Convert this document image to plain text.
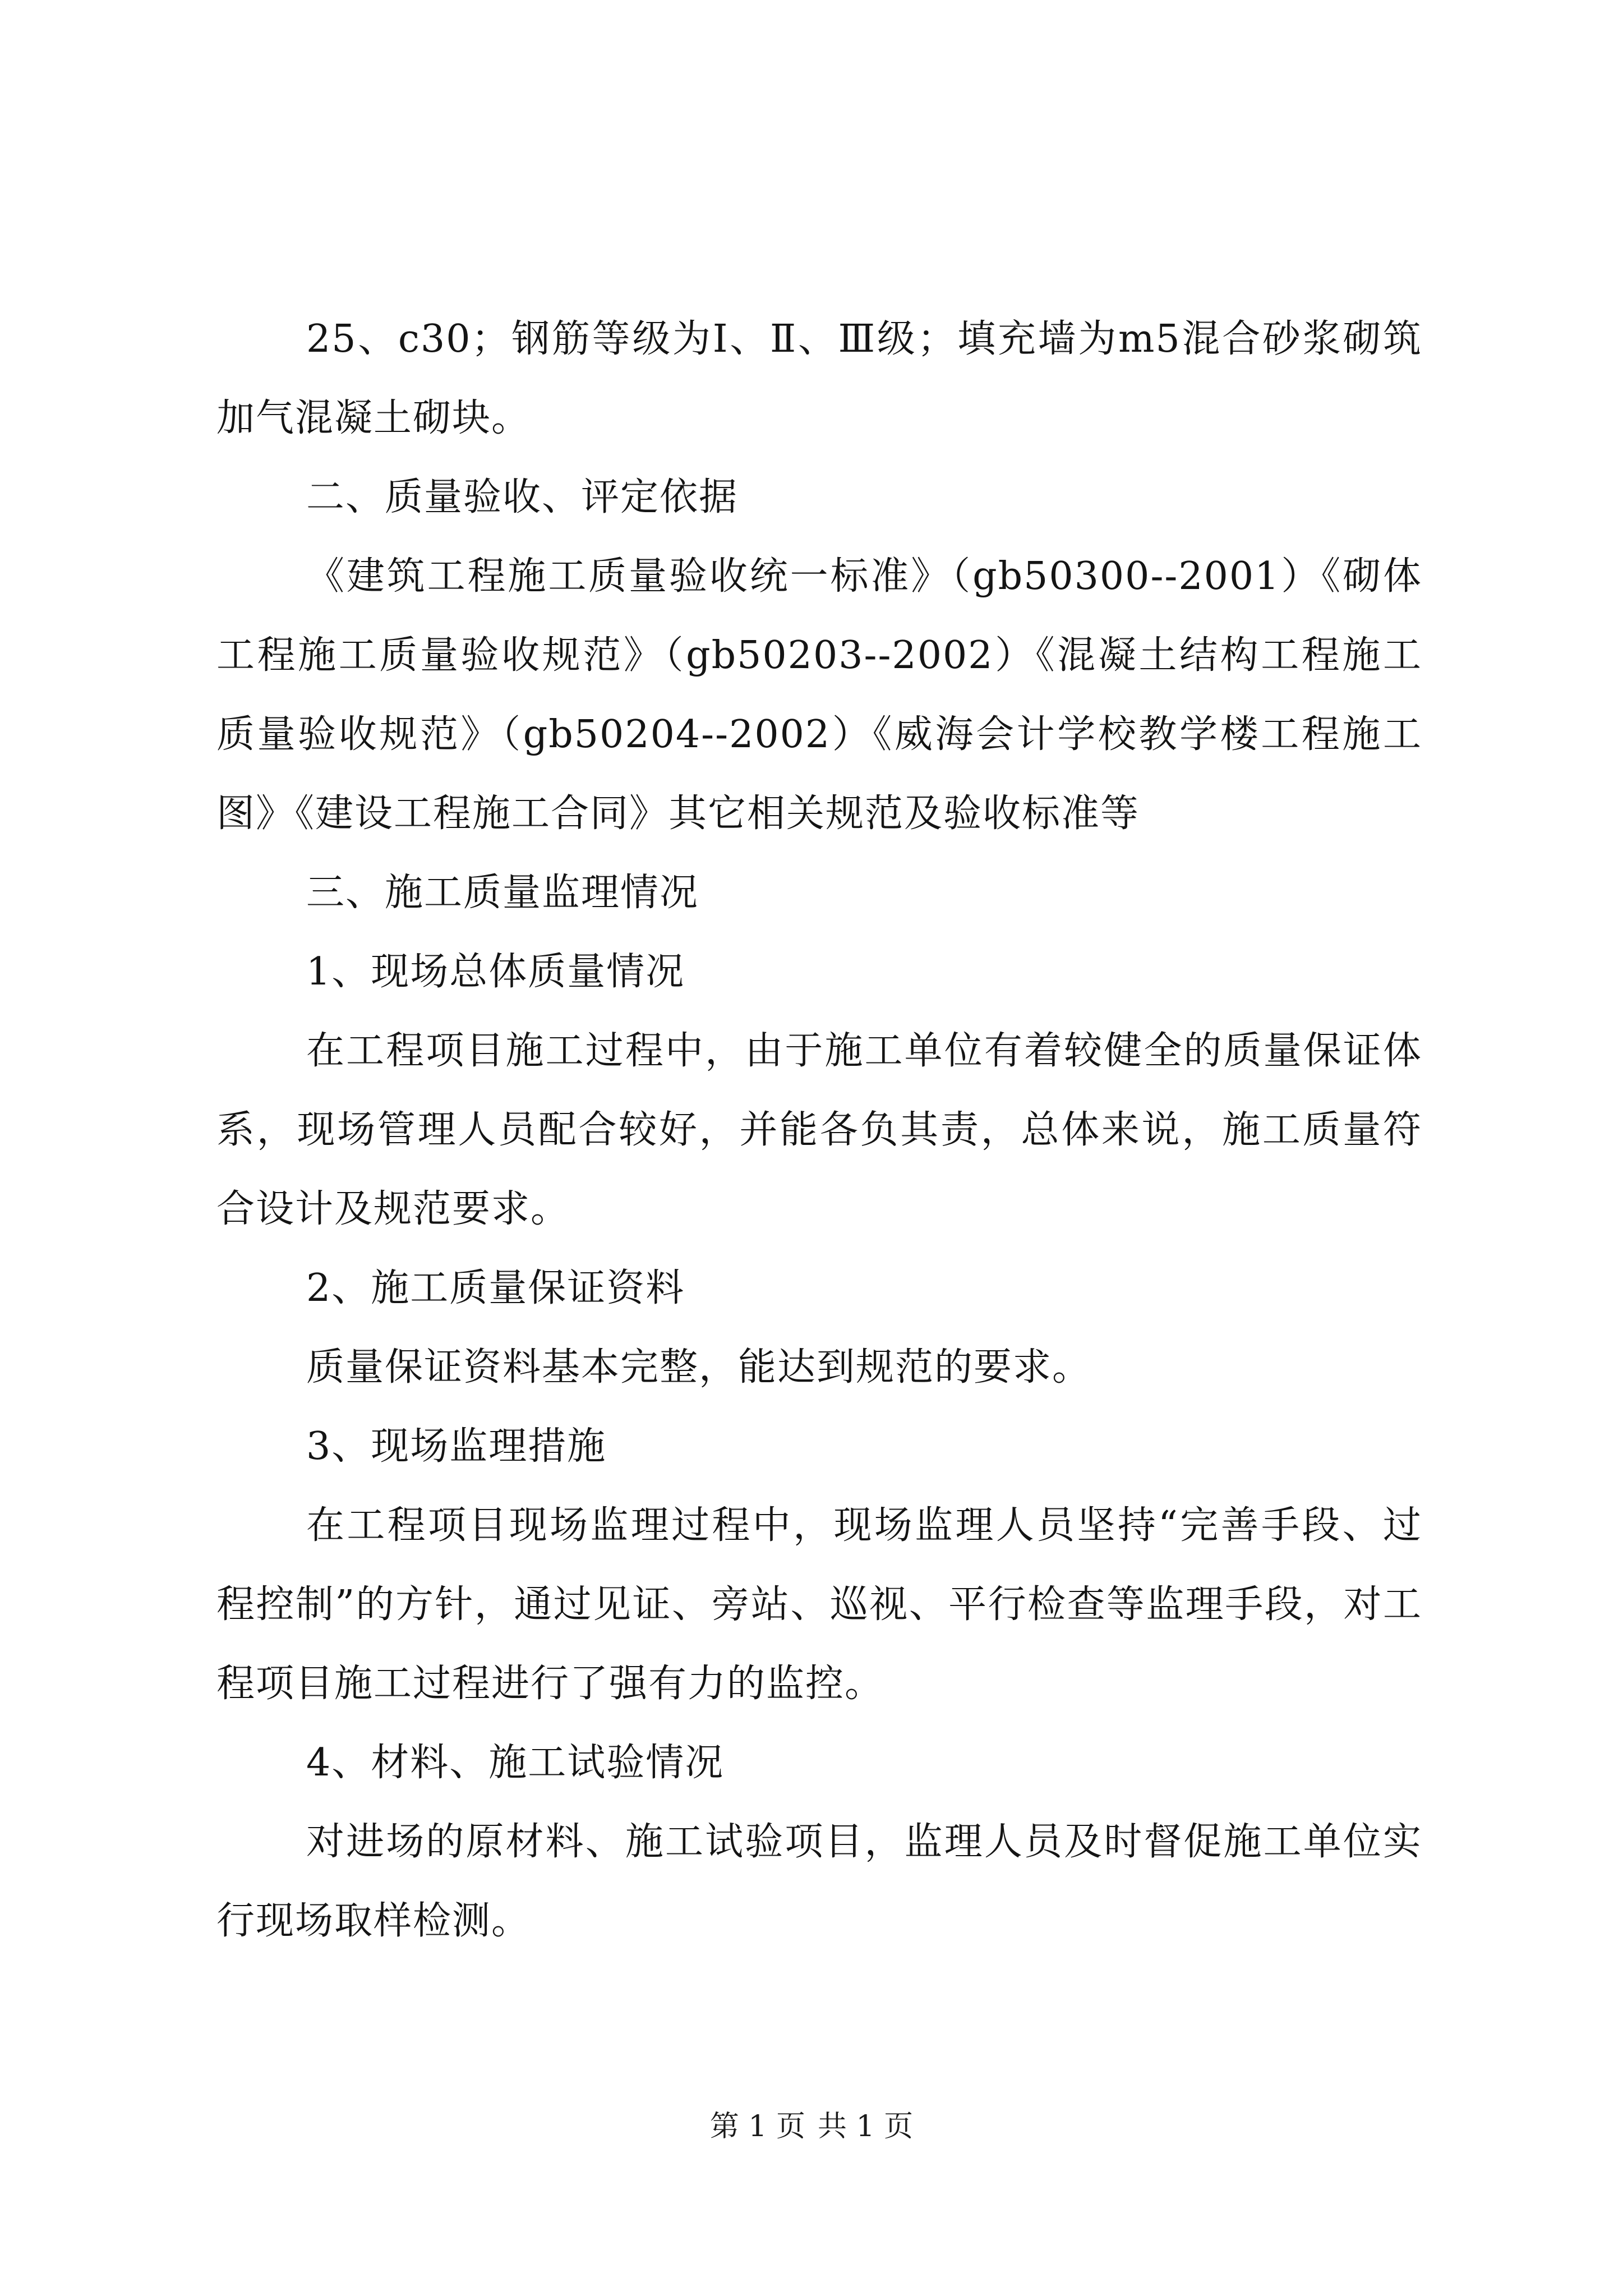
25、c30；钢筋等级为Ⅰ、Ⅱ、Ⅲ级；填充墙为m5混合砂浆砌筑加气混凝土砌块。

二、质量验收、评定依据

《建筑工程施工质量验收统一标准》（gb50300--2001）《砌体工程施工质量验收规范》（gb50203--2002）《混凝土结构工程施工质量验收规范》（gb50204--2002）《威海会计学校教学楼工程施工图》《建设工程施工合同》其它相关规范及验收标准等

三、施工质量监理情况

1、现场总体质量情况

在工程项目施工过程中，由于施工单位有着较健全的质量保证体系，现场管理人员配合较好，并能各负其责，总体来说，施工质量符合设计及规范要求。

2、施工质量保证资料

质量保证资料基本完整，能达到规范的要求。

3、现场监理措施

在工程项目现场监理过程中，现场监理人员坚持“完善手段、过程控制”的方针，通过见证、旁站、巡视、平行检查等监理手段，对工程项目施工过程进行了强有力的监控。

4、材料、施工试验情况

对进场的原材料、施工试验项目，监理人员及时督促施工单位实行现场取样检测。

第 1 页 共 1 页
